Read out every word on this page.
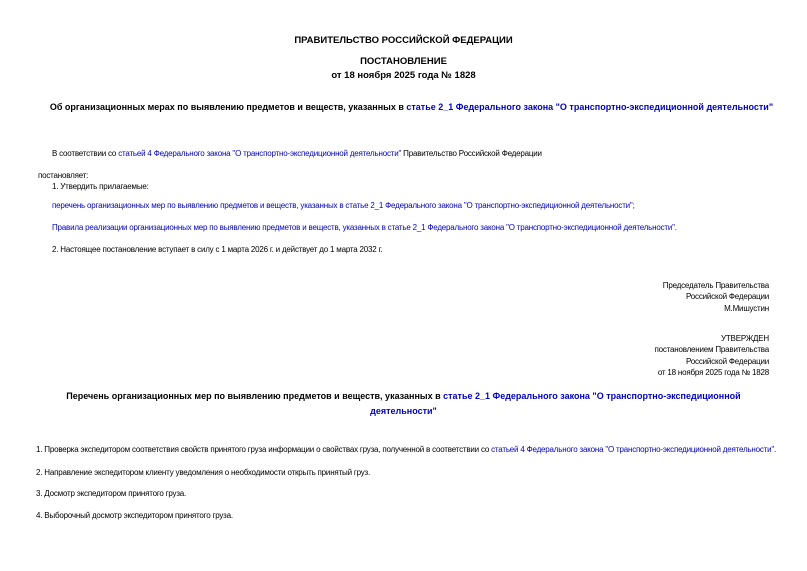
ПРАВИТЕЛЬСТВО РОССИЙСКОЙ ФЕДЕРАЦИИ
ПОСТАНОВЛЕНИЕ
от 18 ноября 2025 года № 1828
Об организационных мерах по выявлению предметов и веществ, указанных в статье 2_1 Федерального закона "О транспортно-экспедиционной деятельности"
В соответствии со статьей 4 Федерального закона "О транспортно-экспедиционной деятельности" Правительство Российской Федерации
постановляет:
1. Утвердить прилагаемые:
перечень организационных мер по выявлению предметов и веществ, указанных в статье 2_1 Федерального закона "О транспортно-экспедиционной деятельности";
Правила реализации организационных мер по выявлению предметов и веществ, указанных в статье 2_1 Федерального закона "О транспортно-экспедиционной деятельности".
2. Настоящее постановление вступает в силу с 1 марта 2026 г. и действует до 1 марта 2032 г.
Председатель Правительства
Российской Федерации
М.Мишустин
УТВЕРЖДЕН
постановлением Правительства
Российской Федерации
от 18 ноября 2025 года № 1828
Перечень организационных мер по выявлению предметов и веществ, указанных в статье 2_1 Федерального закона "О транспортно-экспедиционной деятельности"
1. Проверка экспедитором соответствия свойств принятого груза информации о свойствах груза, полученной в соответствии со статьей 4 Федерального закона "О транспортно-экспедиционной деятельности".
2. Направление экспедитором клиенту уведомления о необходимости открыть принятый груз.
3. Досмотр экспедитором принятого груза.
4. Выборочный досмотр экспедитором принятого груза.
